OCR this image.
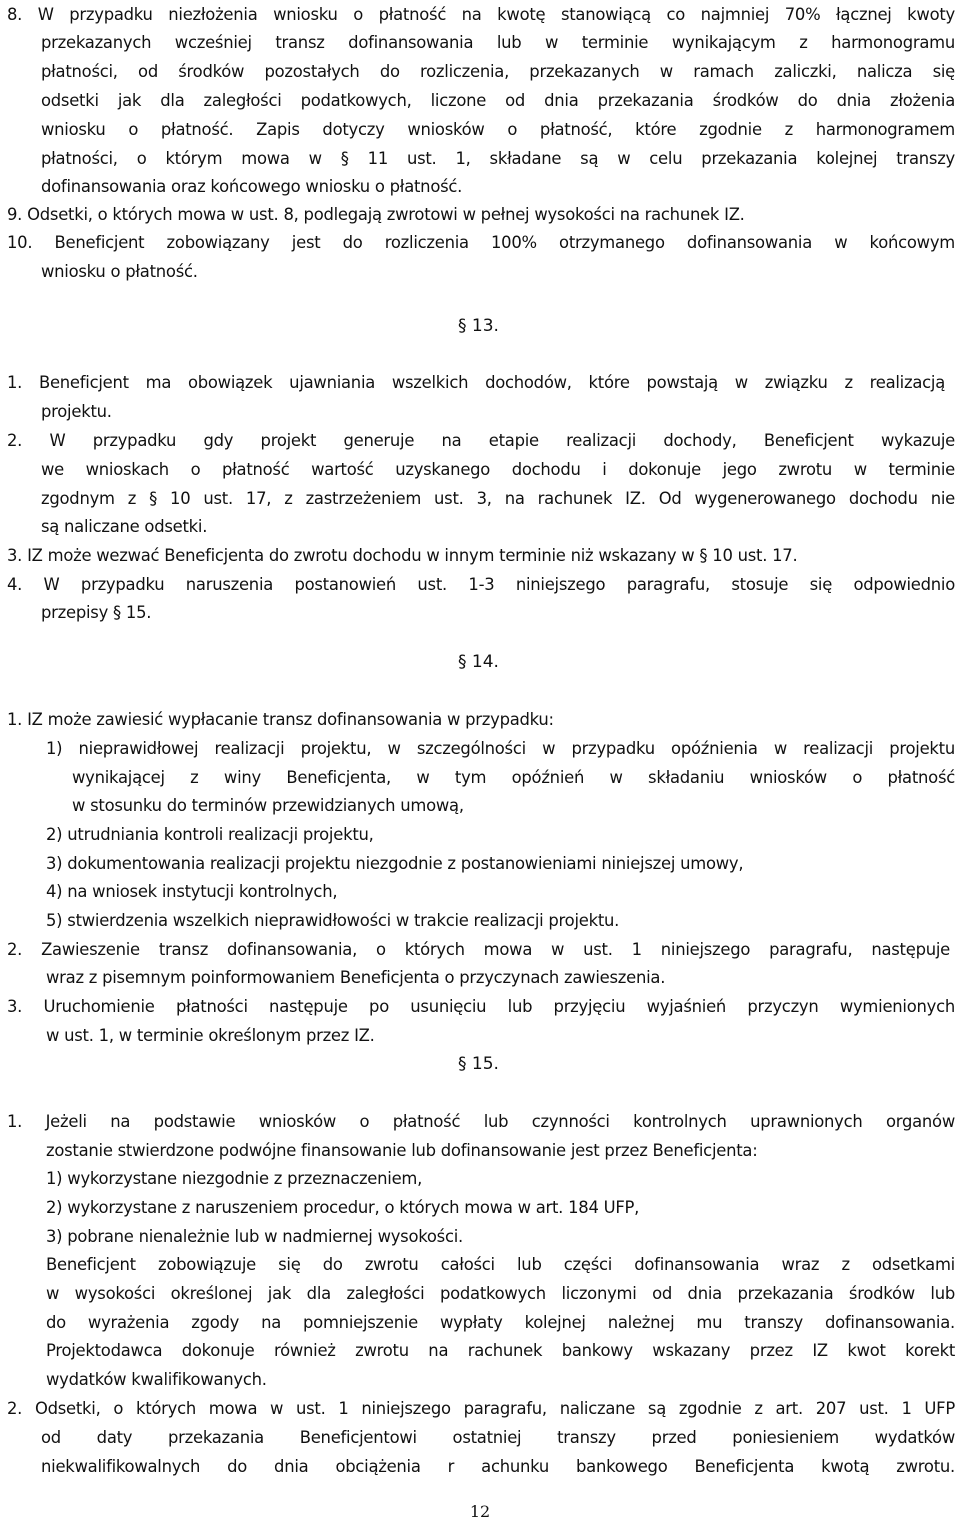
8. W przypadku niezłożenia wniosku o płatność na kwotę stanowiącą co najmniej 70% łącznej kwoty
przekazanych wcześniej transz dofinansowania lub w terminie wynikającym z harmonogramu
płatności, od środków pozostałych do rozliczenia, przekazanych w ramach zaliczki, nalicza się
odsetki jak dla zaległości podatkowych, liczone od dnia przekazania środków do dnia złożenia
wniosku o płatność. Zapis dotyczy wniosków o płatność, które zgodnie z harmonogramem
płatności, o którym mowa w § 11 ust. 1, składane są w celu przekazania kolejnej transzy
dofinansowania oraz końcowego wniosku o płatność.
9. Odsetki, o których mowa w ust. 8, podlegają zwrotowi w pełnej wysokości na rachunek IZ.
10. Beneficjent zobowiązany jest do rozliczenia 100% otrzymanego dofinansowania w końcowym
wniosku o płatność.
1. Beneficjent ma obowiązek ujawniania wszelkich dochodów, które powstają w związku z realizacją
projektu.
2. W przypadku gdy projekt generuje na etapie realizacji dochody, Beneficjent wykazuje
we wnioskach o płatność wartość uzyskanego dochodu i dokonuje jego zwrotu w terminie
zgodnym z § 10 ust. 17, z zastrzeżeniem ust. 3, na rachunek IZ. Od wygenerowanego dochodu nie
są naliczane odsetki.
3. IZ może wezwać Beneficjenta do zwrotu dochodu w innym terminie niż wskazany w § 10 ust. 17.
4. W przypadku naruszenia postanowień ust. 1-3 niniejszego paragrafu, stosuje się odpowiednio
przepisy § 15.
1. IZ może zawiesić wypłacanie transz dofinansowania w przypadku:
1) nieprawidłowej realizacji projektu, w szczególności w przypadku opóźnienia w realizacji projektu
wynikającej z winy Beneficjenta, w tym opóźnień w składaniu wniosków o płatność
w stosunku do terminów przewidzianych umową,
2) utrudniania kontroli realizacji projektu,
3) dokumentowania realizacji projektu niezgodnie z postanowieniami niniejszej umowy,
4) na wniosek instytucji kontrolnych,
5) stwierdzenia wszelkich nieprawidłowości w trakcie realizacji projektu.
2. Zawieszenie transz dofinansowania, o których mowa w ust. 1 niniejszego paragrafu, następuje
wraz z pisemnym poinformowaniem Beneficjenta o przyczynach zawieszenia.
3. Uruchomienie płatności następuje po usunięciu lub przyjęciu wyjaśnień przyczyn wymienionych
w ust. 1, w terminie określonym przez IZ.
1. Jeżeli na podstawie wniosków o płatność lub czynności kontrolnych uprawnionych organów
zostanie stwierdzone podwójne finansowanie lub dofinansowanie jest przez Beneficjenta:
1) wykorzystane niezgodnie z przeznaczeniem,
2) wykorzystane z naruszeniem procedur, o których mowa w art. 184 UFP,
3) pobrane nienależnie lub w nadmiernej wysokości.
Beneficjent zobowiązuje się do zwrotu całości lub części dofinansowania wraz z odsetkami
w wysokości określonej jak dla zaległości podatkowych liczonymi od dnia przekazania środków lub
do wyrażenia zgody na pomniejszenie wypłaty kolejnej należnej mu transzy dofinansowania.
Projektodawca dokonuje również zwrotu na rachunek bankowy wskazany przez IZ kwot korekt
wydatków kwalifikowanych.
2. Odsetki, o których mowa w ust. 1 niniejszego paragrafu, naliczane są zgodnie z art. 207 ust. 1 UFP
od daty przekazania Beneficjentowi ostatniej transzy przed poniesieniem wydatków
niekwalifikowalnych do dnia obciążenia r achunku bankowego Beneficjenta kwotą zwrotu.
§ 13.
§ 14.
§ 15.
12
